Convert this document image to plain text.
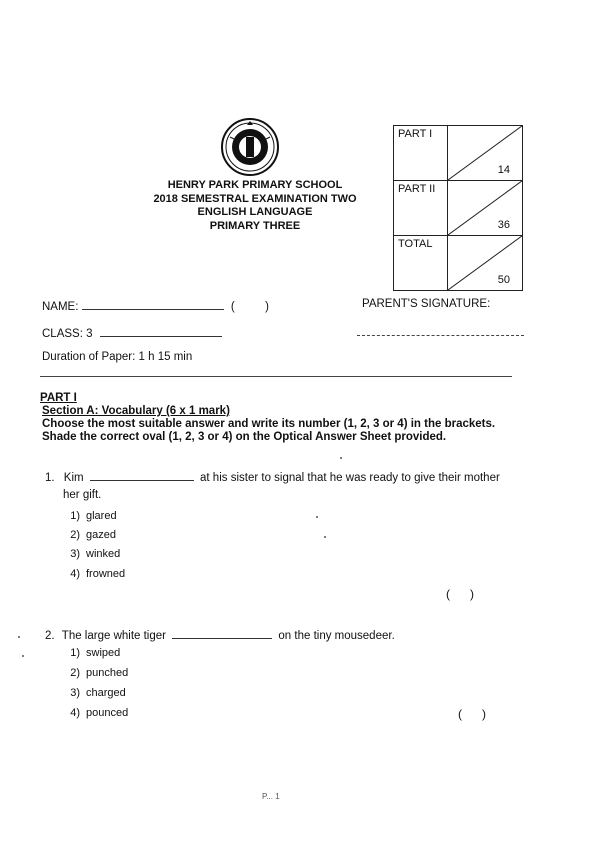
HENRY PARK PRIMARY SCHOOL
2018 SEMESTRAL EXAMINATION TWO
ENGLISH LANGUAGE
PRIMARY THREE
PART I	14

PART II	36

TOTAL	50
NAME:	(	)	PARENT'S SIGNATURE:
CLASS: 3
Duration of Paper: 1 h 15 min
PART I
Section A: Vocabulary (6 x 1 mark)
Choose the most suitable answer and write its number (1, 2, 3 or 4) in the brackets.
Shade the correct oval (1, 2, 3 or 4) on the Optical Answer Sheet provided.
1. Kim	at his sister to signal that he was ready to give their mother
her gift.
1) glared
2) gazed
3) winked
4) frowned
(      )
2. The large white tiger	on the tiny mousedeer.
1) swiped
2) punched
3) charged
4) pounced	(      )
P... 1
